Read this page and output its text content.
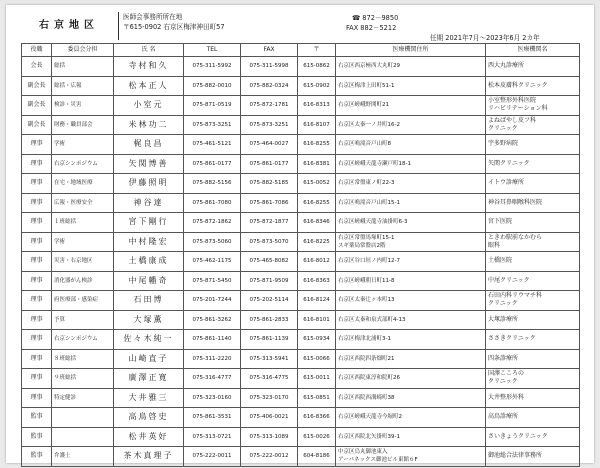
右京地区
医師会事務所所在地
〒615-0902 右京区梅津神田町57
☎ 872－9850
FAX 882－5212
任期 2021年7月～2023年6月 2カ年
役職	委員会分担	氏 名	TEL	FAX	〒	医療機関住所	医療機関名
会長	総括	寺村和久	075-311-5992	075-311-5998	615-0862	右京区西京極西大丸町29	西大丸診療所
副会長	総括・広報	松本正人	075-882-0010	075-882-0324	615-0902	右京区梅津上田町51-1	松本皮膚科クリニック
副会長	検診・災害	小室元	075-871-0519	075-872-1781	616-8313	右京区嵯峨野開町21	小室整形外科医院
リハビリテーション科
副会長	財務・職員部会	米林功二	075-873-3251	075-873-3251	616-8107	右京区太秦一ノ井町16-2	よねばやし皮フ科
クリニック
理事	学術	梶良昌	075-461-5121	075-464-0027	616-8255	右京区鳴滝音戸山町8	宇多野病院
理事	右京シンポジウム	矢関博善	075-861-0177	075-861-0177	616-8381	右京区嵯峨天龍寺瀬戸町18-1	矢関クリニック
理事	在宅・地域医療	伊藤照明	075-882-5156	075-882-5185	615-0052	右京区常盤東ノ町22-3	イトウ診療所
理事	広報・医療安全	神谷達	075-861-7080	075-861-7086	616-8255	右京区鳴滝音戸山町15-1	神谷耳鼻咽喉科医院
理事	１班総括	宮下剛行	075-872-1862	075-872-1877	616-8346	右京区嵯峨天龍寺油掛町6-3	宮下医院
理事	学術	中村隆宏	075-873-5060	075-873-5070	616-8225	右京区常盤馬塚町15-1
スギ薬局常盤店2階	ときわ駅前なかむら
眼科
理事	災害・右京地区	土橋康成	075-462-1175	075-465-8082	616-8012	右京区谷口垣ノ内町12-7	土橋医院
理事	消化器がん検診	中尾幡奇	075-871-5450	075-871-9509	616-8363	右京区嵯峨朝日町11-8	中尾クリニック
理事	府医療部・感染症	石田博	075-201-7244	075-202-5114	616-8124	右京区太秦辻ヶ本町13	石田内科リウマチ科
クリニック
理事	予算	大塚薫	075-861-3262	075-861-2833	616-8101	右京区太秦和泉式部町4-13	大塚診療所
理事	右京シンポジウム	佐々木純一	075-861-1140	075-861-1139	615-0934	右京区梅津北浦町3-1	ささきクリニック
理事	８班総括	山崎直子	075-311-2220	075-313-5941	615-0066	右京区西院四条畑町21	四条診療所
理事	９班総括	廣澤正寛	075-316-4777	075-316-4775	615-0011	右京区西院東淳和院町26	国澤こころの
クリニック
理事	特定健診	大井雅三	075-323-0160	075-323-0170	615-0851	右京区西院西溝崎町38	大井整形外科
監事		高鳥啓史	075-861-3531	075-406-0021	616-8366	右京区嵯峨天龍寺今堀町2	高鳥診療所
監事		松井英好	075-313-0721	075-313-1089	615-0026	右京区西院北矢掛町39-1	さいきょうクリニック
監事	弁護士	茶木真理子	075-222-0011	075-222-0012	604-8186	中京区烏丸御池東入
アーバネックス御池ビル東館６F	御池総合法律事務所
